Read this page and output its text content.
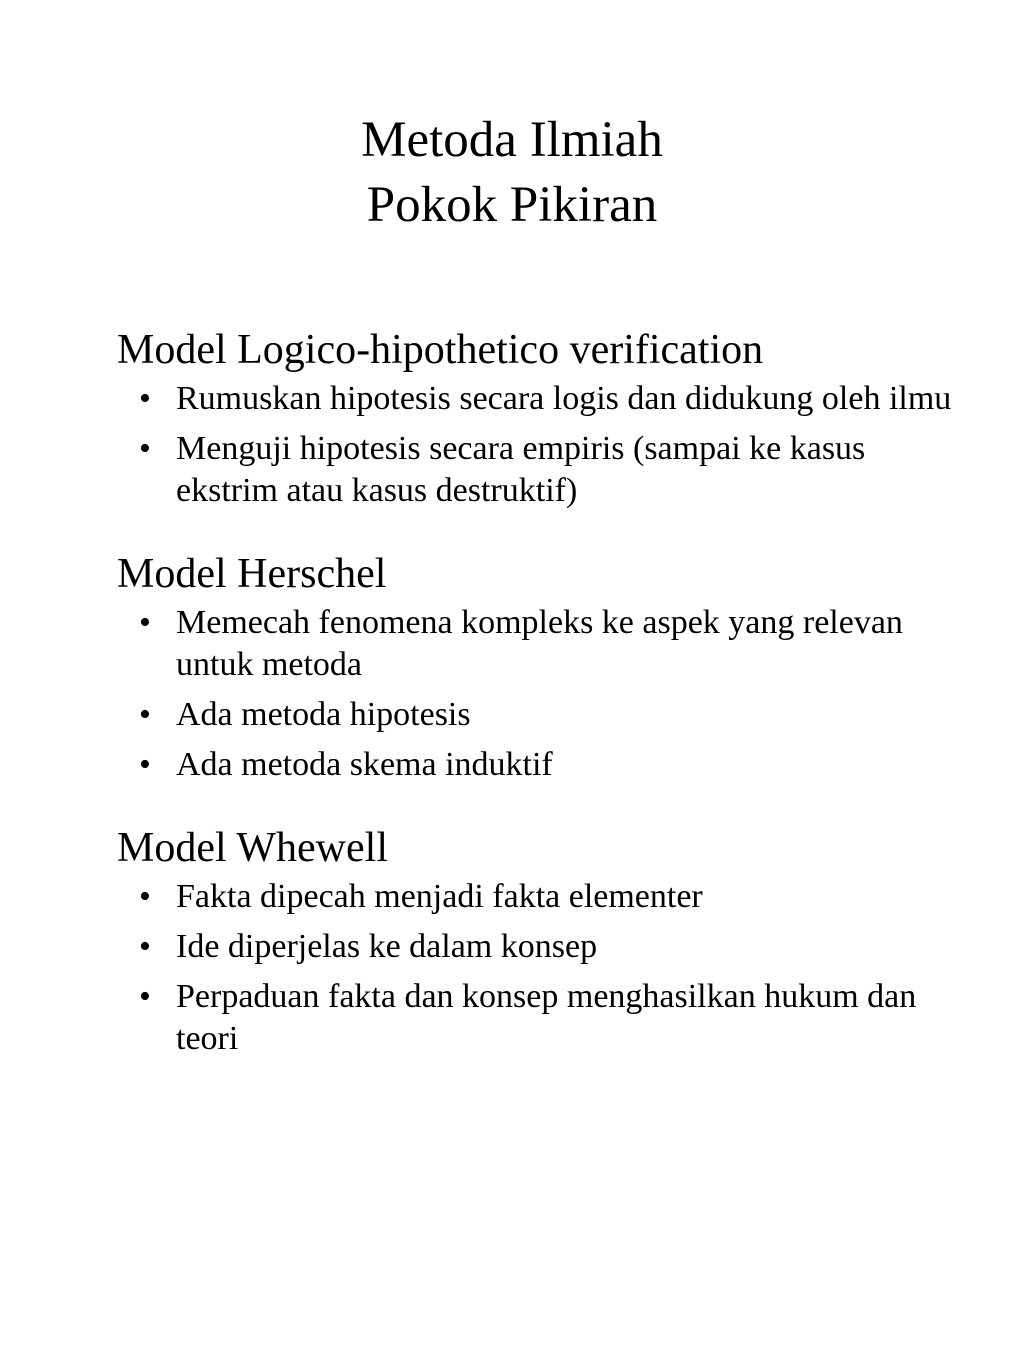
Metoda Ilmiah
Pokok Pikiran
Model Logico-hipothetico verification
• Rumuskan hipotesis secara logis dan didukung oleh ilmu
• Menguji hipotesis secara empiris (sampai ke kasus ekstrim atau kasus destruktif)
Model Herschel
• Memecah fenomena kompleks ke aspek yang relevan untuk metoda
• Ada metoda hipotesis
• Ada metoda skema induktif
Model Whewell
• Fakta dipecah menjadi fakta elementer
• Ide diperjelas ke dalam konsep
• Perpaduan fakta dan konsep menghasilkan hukum dan teori
